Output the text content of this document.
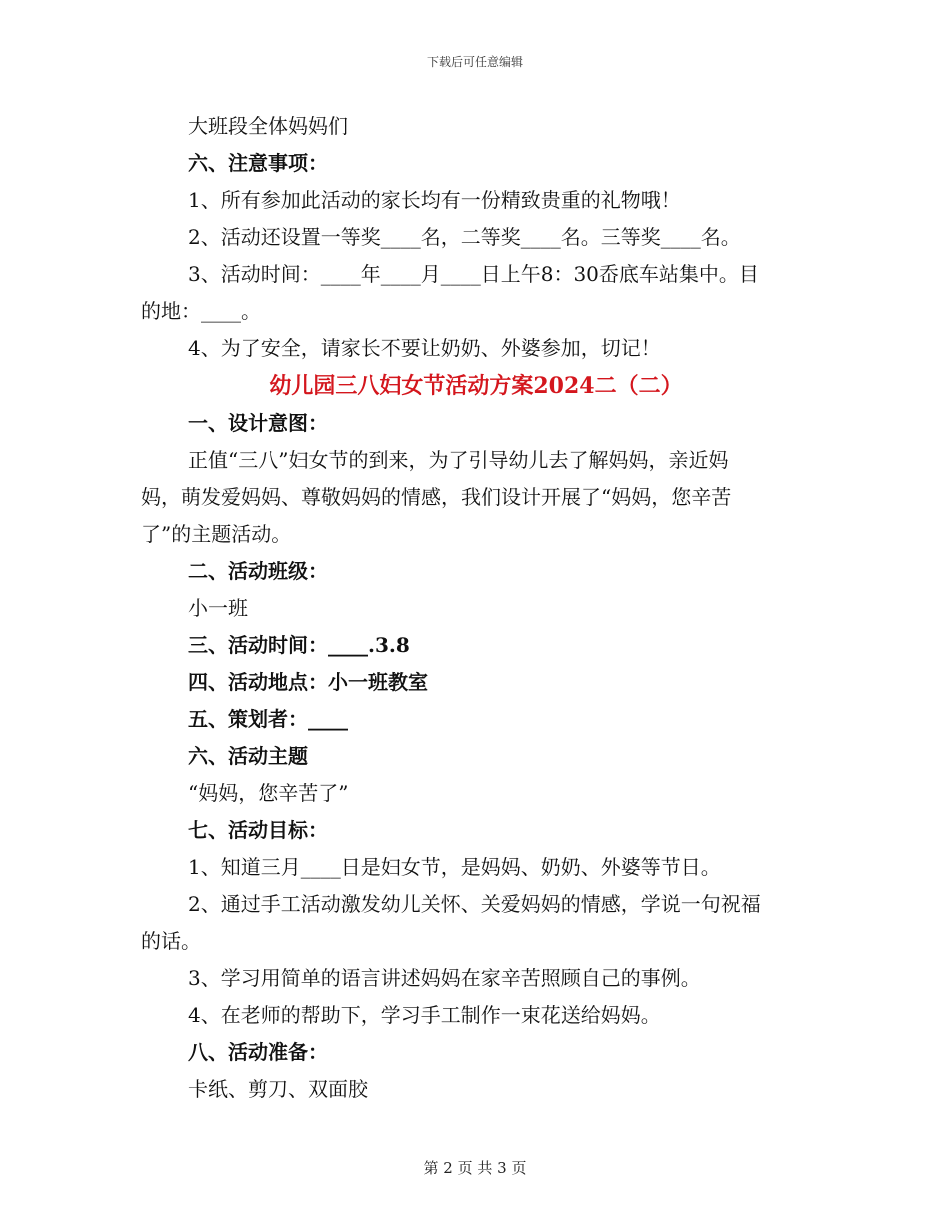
下载后可任意编辑
大班段全体妈妈们
六、注意事项：
1、所有参加此活动的家长均有一份精致贵重的礼物哦！
2、活动还设置一等奖____名，二等奖____名。三等奖____名。
3、活动时间：____年____月____日上午8：30岙底车站集中。目
的地：____。
4、为了安全，请家长不要让奶奶、外婆参加，切记！
幼儿园三八妇女节活动方案2024二（二）
一、设计意图：
正值“三八”妇女节的到来，为了引导幼儿去了解妈妈，亲近妈
妈，萌发爱妈妈、尊敬妈妈的情感，我们设计开展了“妈妈，您辛苦
了”的主题活动。
二、活动班级：
小一班
三、活动时间：____.3.8
四、活动地点：小一班教室
五、策划者：____
六、活动主题
“妈妈，您辛苦了”
七、活动目标：
1、知道三月____日是妇女节，是妈妈、奶奶、外婆等节日。
2、通过手工活动激发幼儿关怀、关爱妈妈的情感，学说一句祝福
的话。
3、学习用简单的语言讲述妈妈在家辛苦照顾自己的事例。
4、在老师的帮助下，学习手工制作一束花送给妈妈。
八、活动准备：
卡纸、剪刀、双面胶
第 2 页 共 3 页
